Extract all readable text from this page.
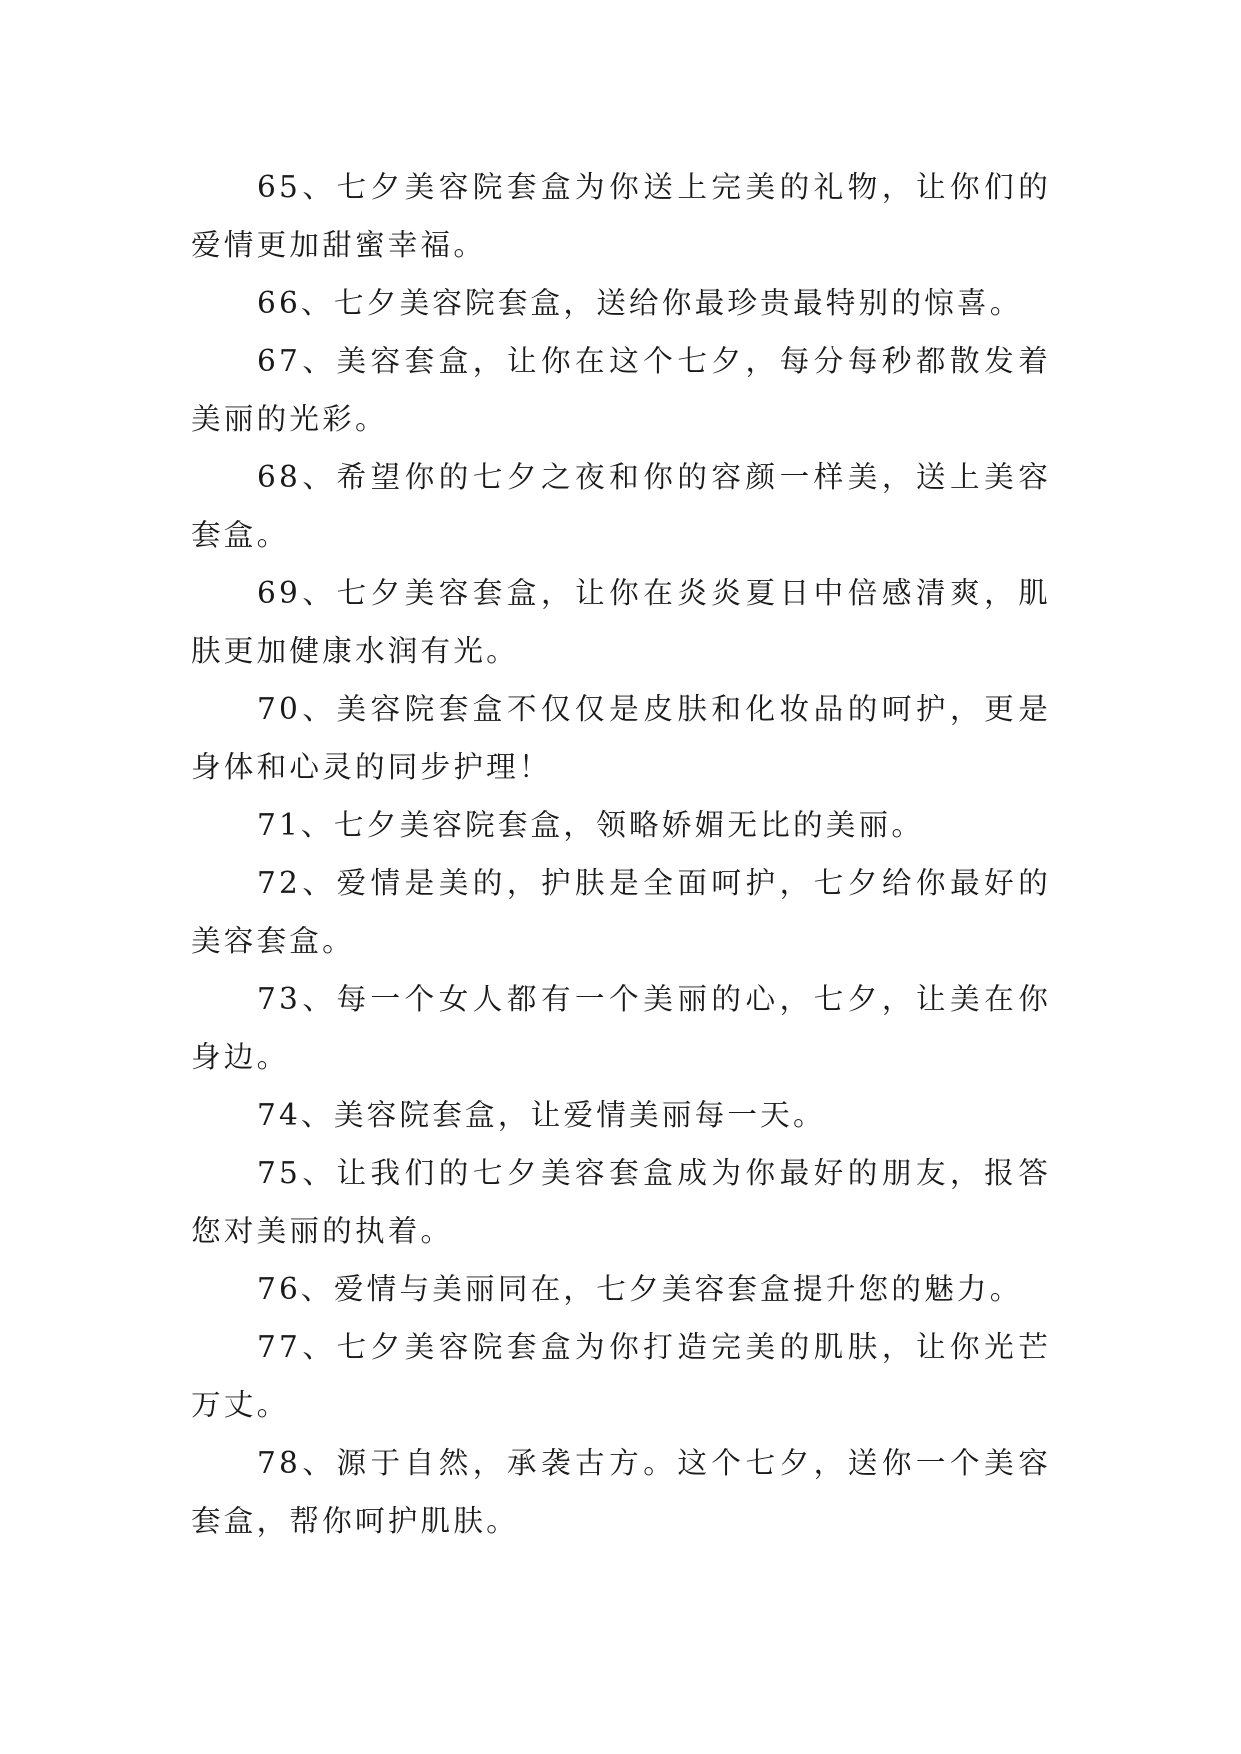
65、七夕美容院套盒为你送上完美的礼物，让你们的爱情更加甜蜜幸福。

66、七夕美容院套盒，送给你最珍贵最特别的惊喜。

67、美容套盒，让你在这个七夕，每分每秒都散发着美丽的光彩。

68、希望你的七夕之夜和你的容颜一样美，送上美容套盒。

69、七夕美容套盒，让你在炎炎夏日中倍感清爽，肌肤更加健康水润有光。

70、美容院套盒不仅仅是皮肤和化妆品的呵护，更是身体和心灵的同步护理！

71、七夕美容院套盒，领略娇媚无比的美丽。

72、爱情是美的，护肤是全面呵护，七夕给你最好的美容套盒。

73、每一个女人都有一个美丽的心，七夕，让美在你身边。

74、美容院套盒，让爱情美丽每一天。

75、让我们的七夕美容套盒成为你最好的朋友，报答您对美丽的执着。

76、爱情与美丽同在，七夕美容套盒提升您的魅力。

77、七夕美容院套盒为你打造完美的肌肤，让你光芒万丈。

78、源于自然，承袭古方。这个七夕，送你一个美容套盒，帮你呵护肌肤。
